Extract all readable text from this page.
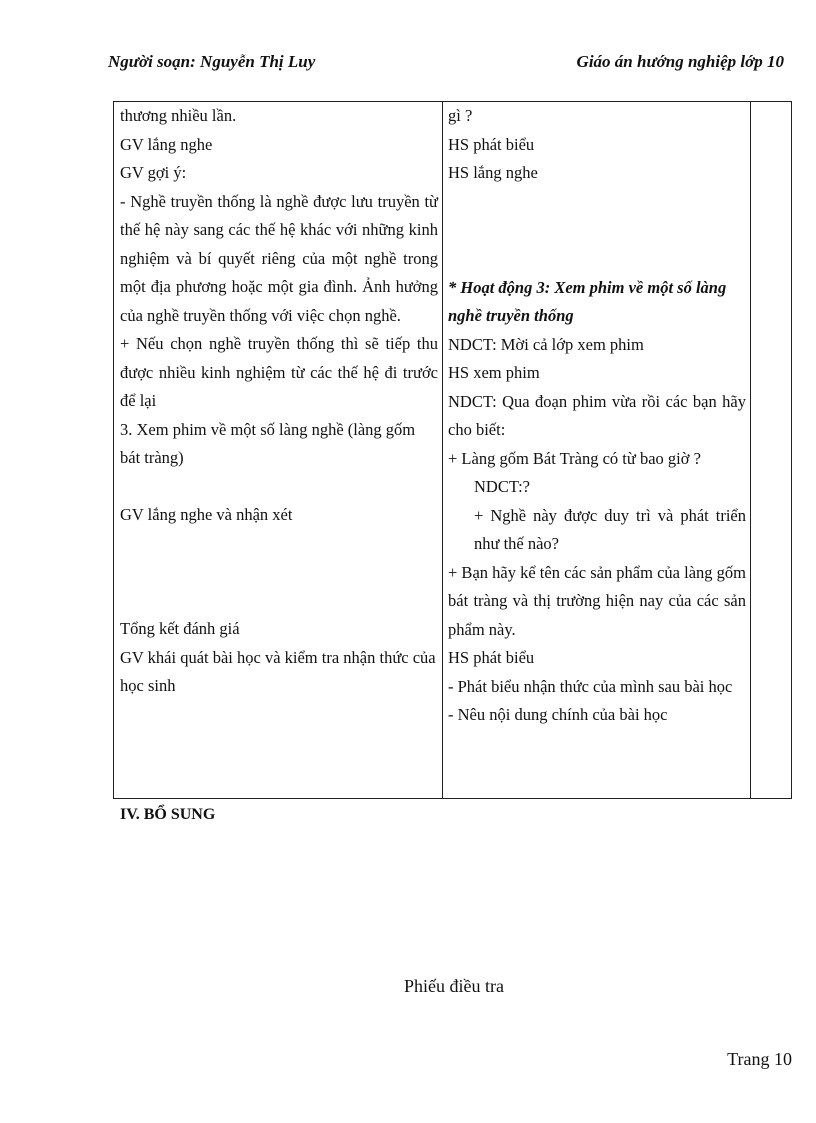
Người soạn: Nguyễn Thị Luy	Giáo án hướng nghiệp lớp 10

thương nhiều lần.

GV lắng nghe

GV gợi ý:

- Nghề truyền thống là nghề được lưu truyền từ thế hệ này sang các thế hệ khác với những kinh nghiệm và bí quyết riêng của một nghề trong một địa phương hoặc một gia đình. Ảnh hưởng của nghề truyền thống với việc chọn nghề.

+ Nếu chọn nghề truyền thống thì sẽ tiếp thu được nhiều kinh nghiệm từ các thế hệ đi trước để lại

3. Xem phim về một số làng nghề (làng gốm bát tràng)

GV lắng nghe và nhận xét

Tổng kết đánh giá

GV khái quát bài học và kiểm tra nhận thức của học sinh

gì ?

HS phát biểu

HS lắng nghe

* Hoạt động 3: Xem phim về một số làng nghề truyền thống

NDCT: Mời cả lớp xem phim

HS xem phim

NDCT: Qua đoạn phim vừa rồi các bạn hãy cho biết:

+ Làng gốm Bát Tràng có từ bao giờ ?

NDCT:?

+ Nghề này được duy trì và phát triển như thế nào?

+ Bạn hãy kể tên các sản phẩm của làng gốm bát tràng và thị trường hiện nay của các sản phẩm này.

HS phát biểu

- Phát biểu nhận thức của mình sau bài học

- Nêu nội dung chính của bài học

IV. BỔ SUNG
Phiếu điều tra
Trang 10
